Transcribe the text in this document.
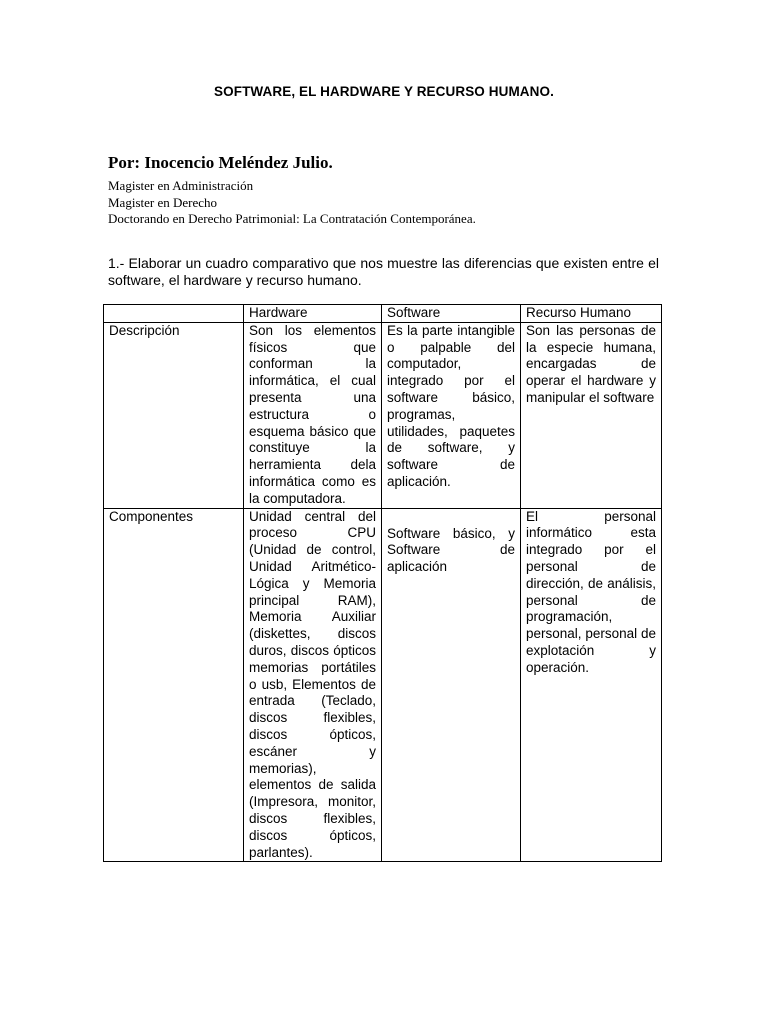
SOFTWARE, EL HARDWARE Y RECURSO HUMANO.
Por: Inocencio Meléndez Julio.
Magister en Administración
Magister en Derecho
Doctorando en Derecho Patrimonial: La Contratación Contemporánea.
1.- Elaborar un cuadro comparativo que nos muestre las diferencias que existen entre el software, el hardware y recurso humano.
	Hardware	Software	Recurso Humano
Descripción	Son los elementos físicos que conforman la informática, el cual presenta una estructura o esquema básico que constituye la herramienta dela informática como es la computadora.	Es la parte intangible o palpable del computador, integrado por el software básico, programas, utilidades, paquetes de software, y software de aplicación.	Son las personas de la especie humana, encargadas de operar el hardware y manipular el software
Componentes	Unidad central del proceso CPU (Unidad de control, Unidad Aritmético-Lógica y Memoria principal RAM), Memoria Auxiliar (diskettes, discos duros, discos ópticos memorias portátiles o usb, Elementos de entrada (Teclado, discos flexibles, discos ópticos, escáner y memorias), elementos de salida (Impresora, monitor, discos flexibles, discos ópticos, parlantes).	Software básico, y Software de aplicación	El personal informático esta integrado por el personal de dirección, de análisis, personal de programación, personal, personal de explotación y operación.
